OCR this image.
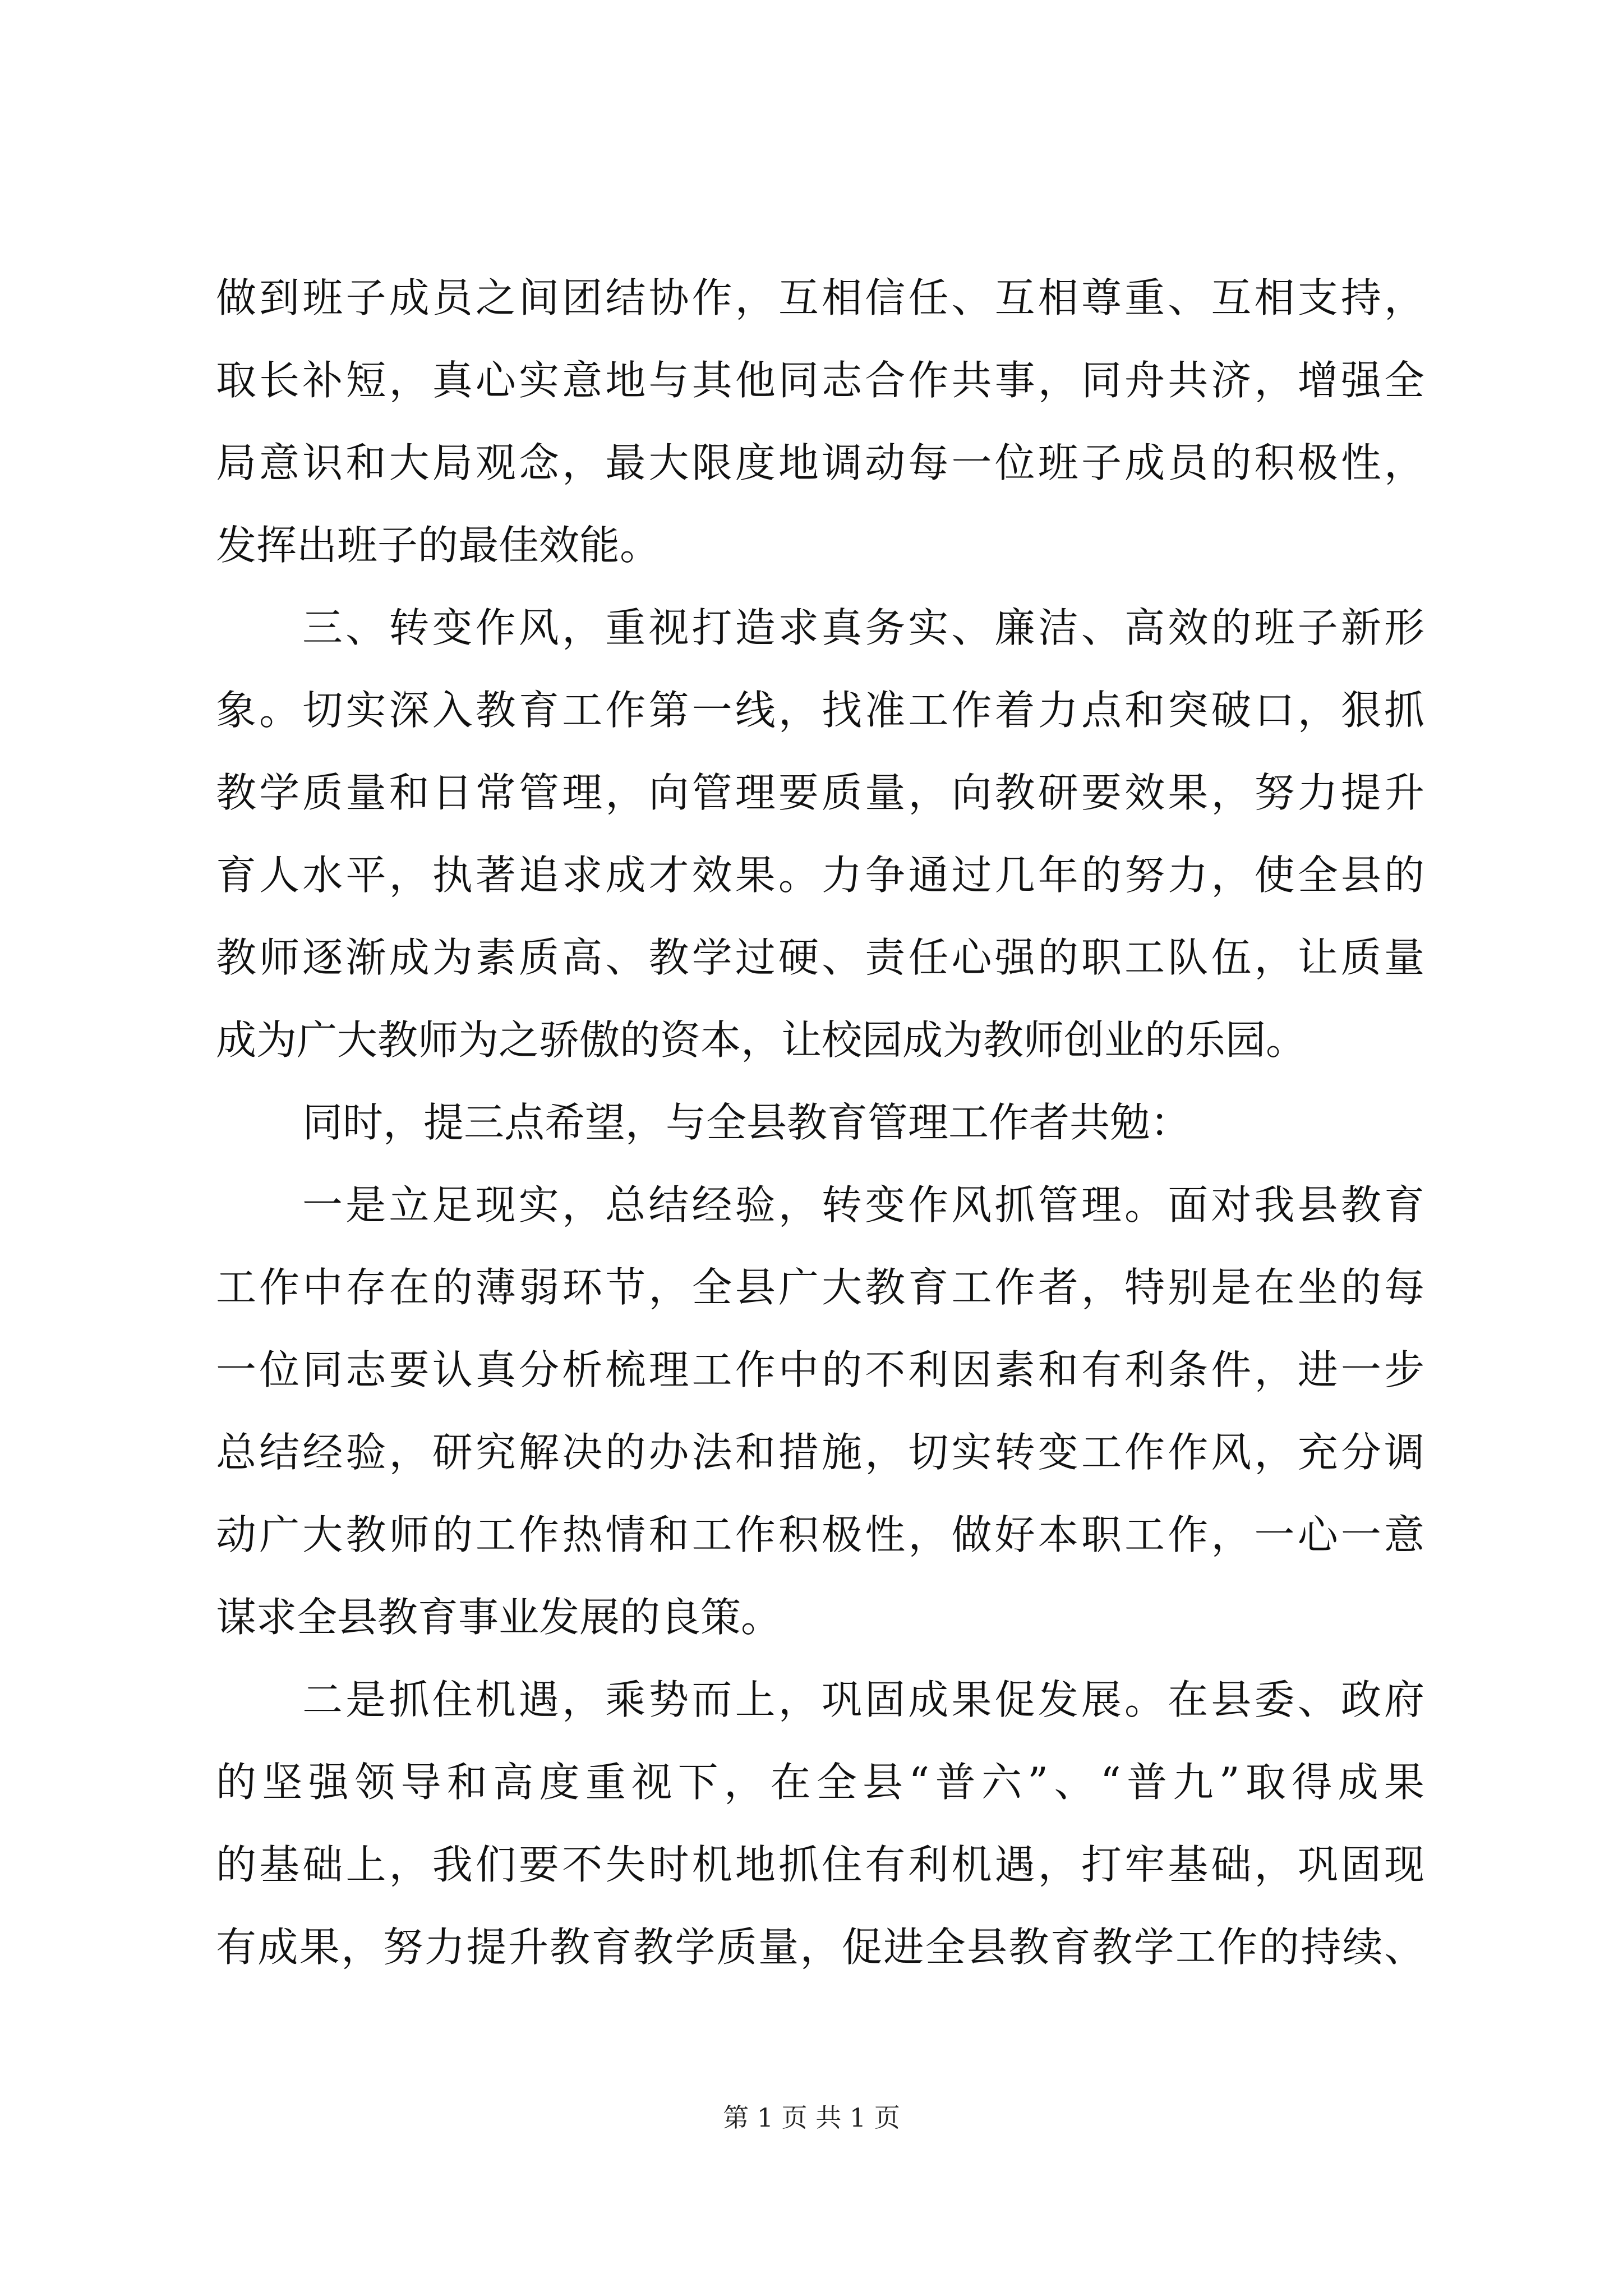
做到班子成员之间团结协作，互相信任、互相尊重、互相支持，
取长补短，真心实意地与其他同志合作共事，同舟共济，增强全
局意识和大局观念，最大限度地调动每一位班子成员的积极性，
发挥出班子的最佳效能。
三、转变作风，重视打造求真务实、廉洁、高效的班子新形
象。切实深入教育工作第一线，找准工作着力点和突破口，狠抓
教学质量和日常管理，向管理要质量，向教研要效果，努力提升
育人水平，执著追求成才效果。力争通过几年的努力，使全县的
教师逐渐成为素质高、教学过硬、责任心强的职工队伍，让质量
成为广大教师为之骄傲的资本，让校园成为教师创业的乐园。
同时，提三点希望，与全县教育管理工作者共勉：
一是立足现实，总结经验，转变作风抓管理。面对我县教育
工作中存在的薄弱环节，全县广大教育工作者，特别是在坐的每
一位同志要认真分析梳理工作中的不利因素和有利条件，进一步
总结经验，研究解决的办法和措施，切实转变工作作风，充分调
动广大教师的工作热情和工作积极性，做好本职工作，一心一意
谋求全县教育事业发展的良策。
二是抓住机遇，乘势而上，巩固成果促发展。在县委、政府
的坚强领导和高度重视下，在全县“普六”、“普九”取得成果
的基础上，我们要不失时机地抓住有利机遇，打牢基础，巩固现
有成果，努力提升教育教学质量，促进全县教育教学工作的持续、
第 1 页 共 1 页
